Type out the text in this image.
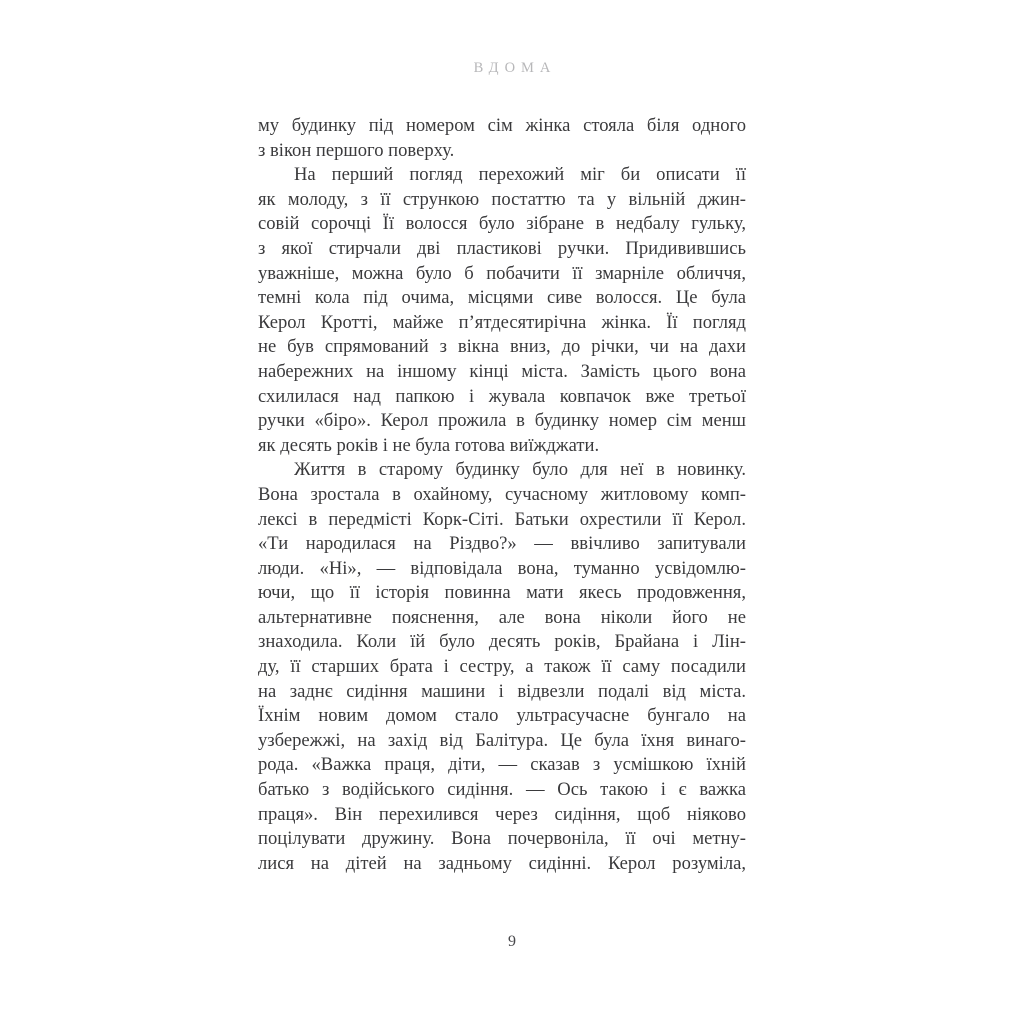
ВДОМА
му будинку під номером сім жінка стояла біля одного
з вікон першого поверху.
На перший погляд перехожий міг би описати її
як молоду, з її стрункою постаттю та у вільній джин-
совій сорочці Її волосся було зібране в недбалу гульку,
з якої стирчали дві пластикові ручки. Придивившись
уважніше, можна було б побачити її змарніле обличчя,
темні кола під очима, місцями сиве волосся. Це була
Керол Кротті, майже п’ятдесятирічна жінка. Її погляд
не був спрямований з вікна вниз, до річки, чи на дахи
набережних на іншому кінці міста. Замість цього вона
схилилася над папкою і жувала ковпачок вже третьої
ручки «біро». Керол прожила в будинку номер сім менш
як десять років і не була готова виїжджати.
Життя в старому будинку було для неї в новинку.
Вона зростала в охайному, сучасному житловому комп-
лексі в передмісті Корк-Сіті. Батьки охрестили її Керол.
«Ти народилася на Різдво?» — ввічливо запитували
люди. «Ні», — відповідала вона, туманно усвідомлю-
ючи, що її історія повинна мати якесь продовження,
альтернативне пояснення, але вона ніколи його не
знаходила. Коли їй було десять років, Брайана і Лін-
ду, її старших брата і сестру, а також її саму посадили
на заднє сидіння машини і відвезли подалі від міста.
Їхнім новим домом стало ультрасучасне бунгало на
узбережжі, на захід від Балітура. Це була їхня винаго-
рода. «Важка праця, діти, — сказав з усмішкою їхній
батько з водійського сидіння. — Ось такою і є важка
праця». Він перехилився через сидіння, щоб ніяково
поцілувати дружину. Вона почервоніла, її очі метну-
лися на дітей на задньому сидінні. Керол розуміла,
9
